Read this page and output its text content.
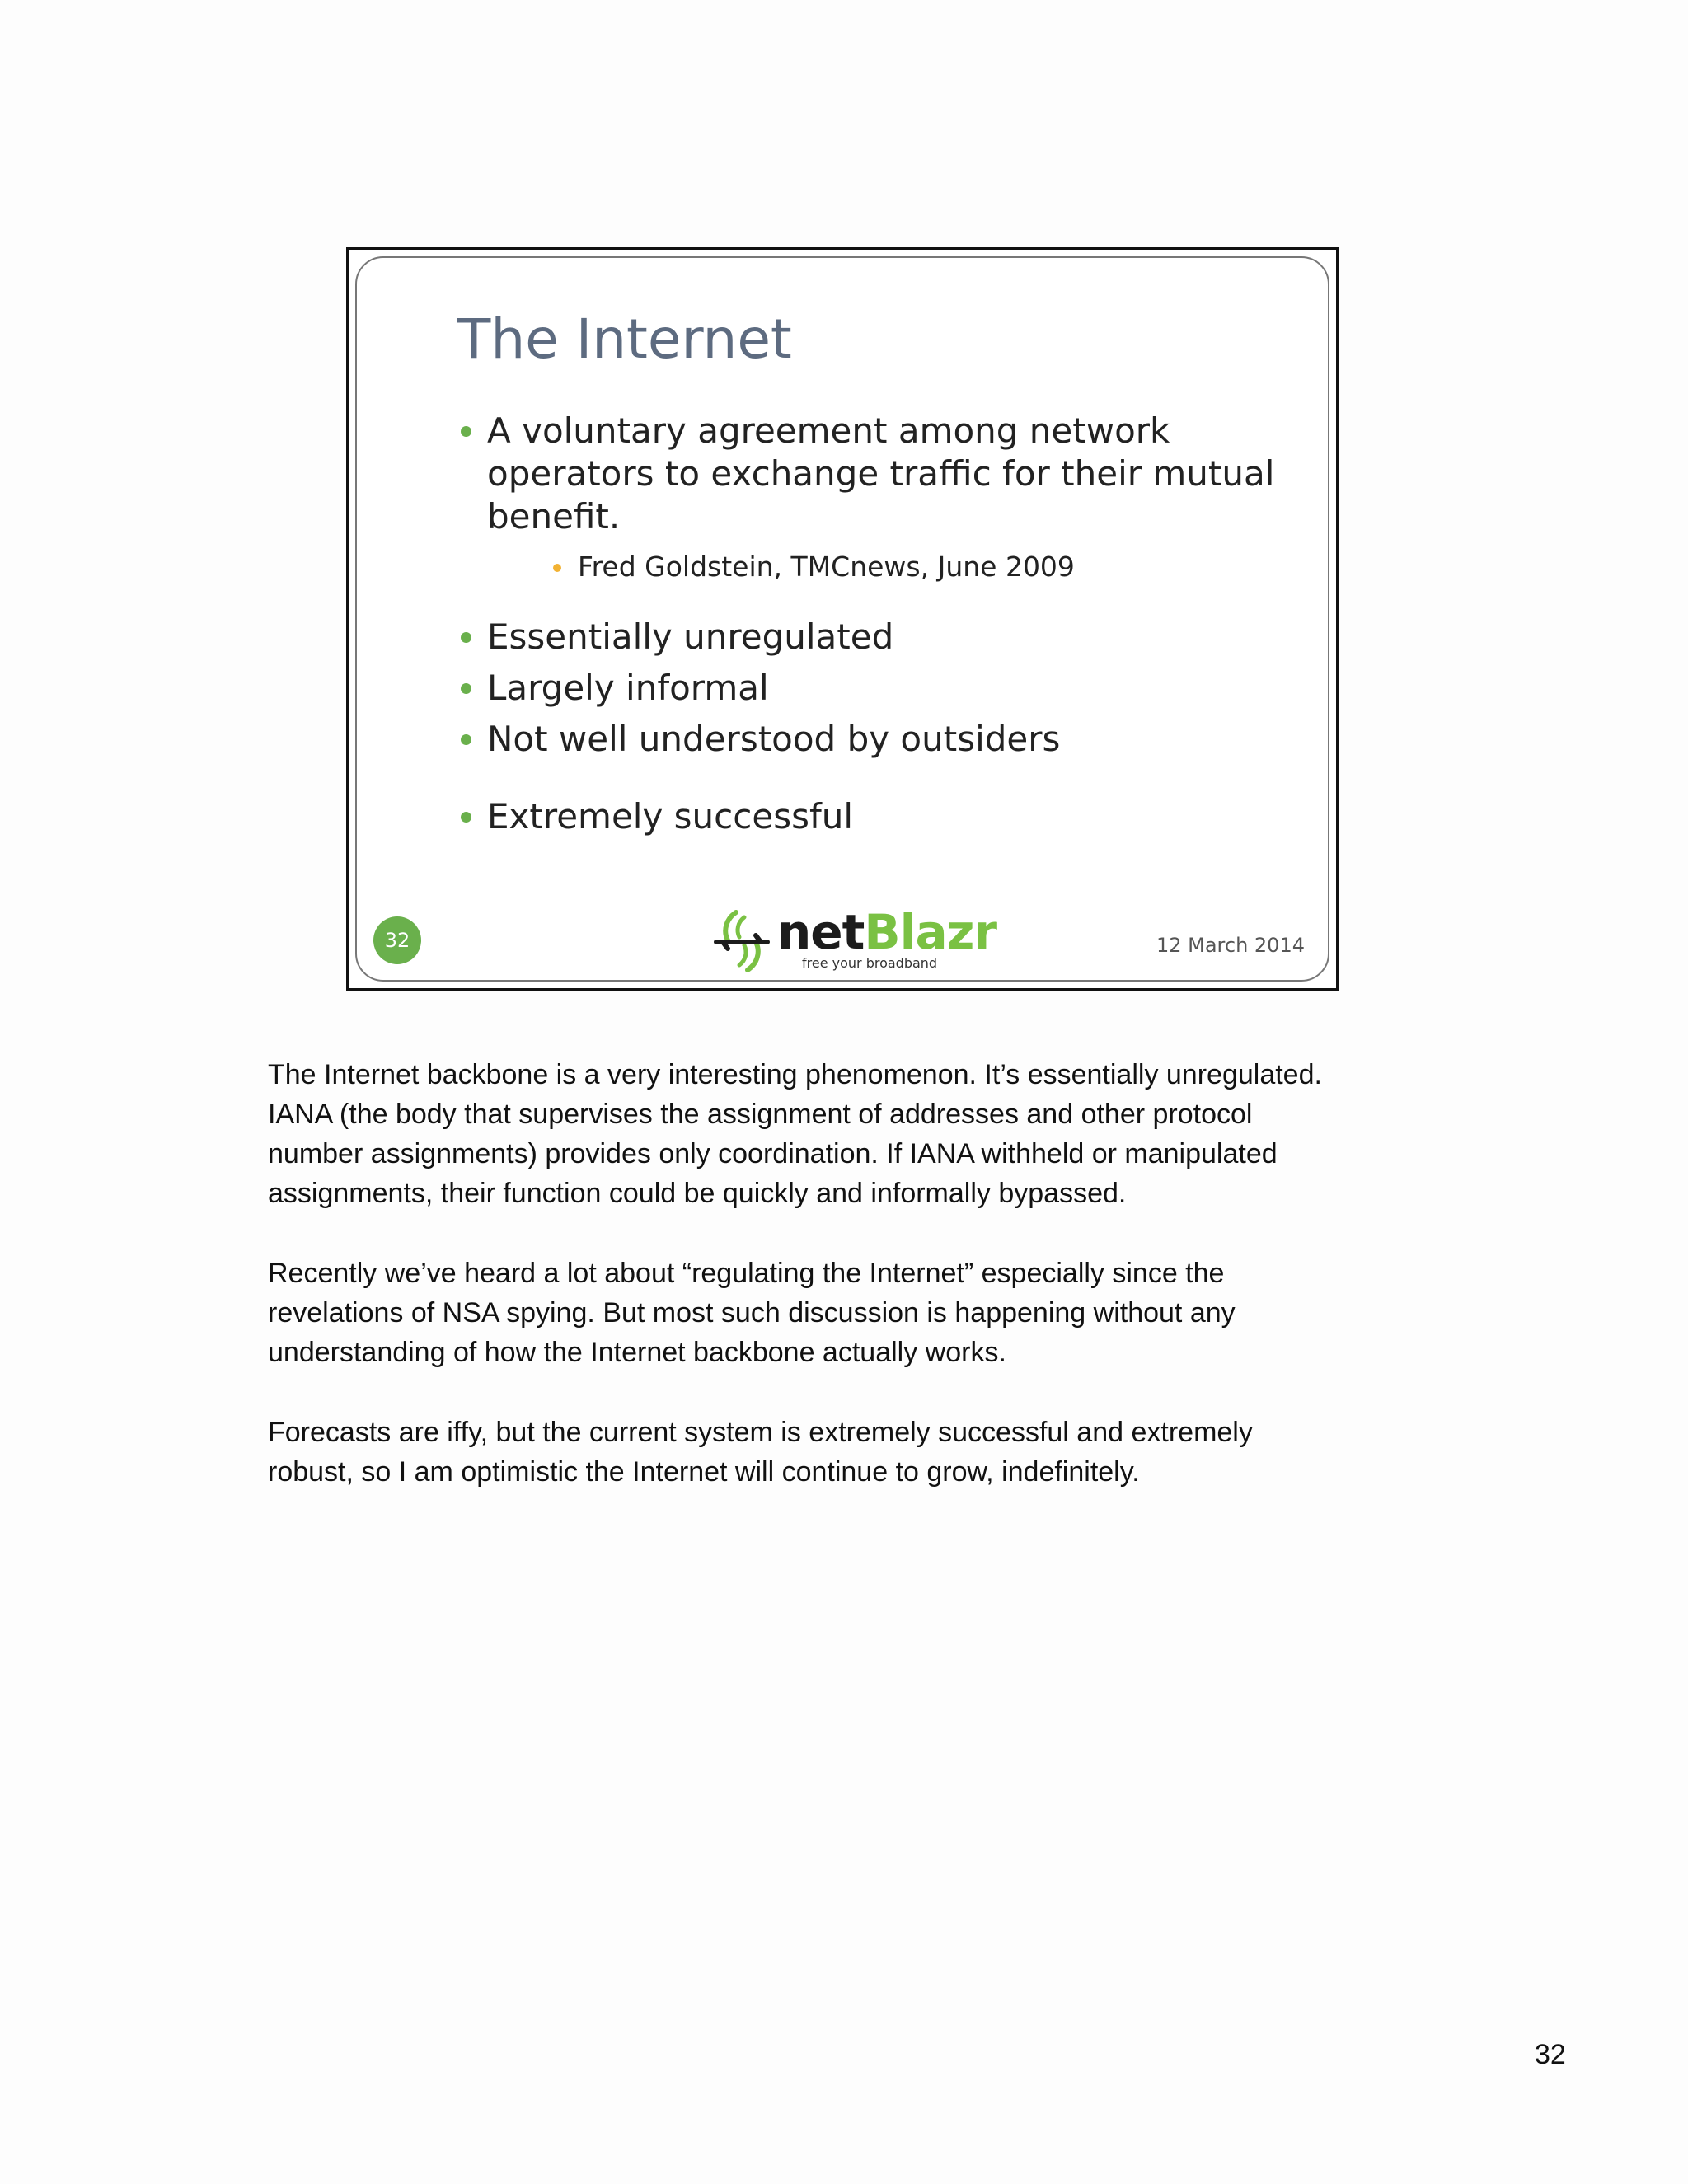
The Internet
A voluntary agreement among network operators to exchange traffic for their mutual benefit.
Fred Goldstein, TMCnews, June 2009
Essentially unregulated
Largely informal
Not well understood by outsiders
Extremely successful
32	netBlazr
free your broadband
12 March 2014

The Internet backbone is a very interesting phenomenon. It’s essentially unregulated.
IANA (the body that supervises the assignment of addresses and other protocol
number assignments) provides only coordination. If IANA withheld or manipulated
assignments, their function could be quickly and informally bypassed.

Recently we’ve heard a lot about “regulating the Internet” especially since the
revelations of NSA spying. But most such discussion is happening without any
understanding of how the Internet backbone actually works.

Forecasts are iffy, but the current system is extremely successful and extremely
robust, so I am optimistic the Internet will continue to grow, indefinitely.

32
